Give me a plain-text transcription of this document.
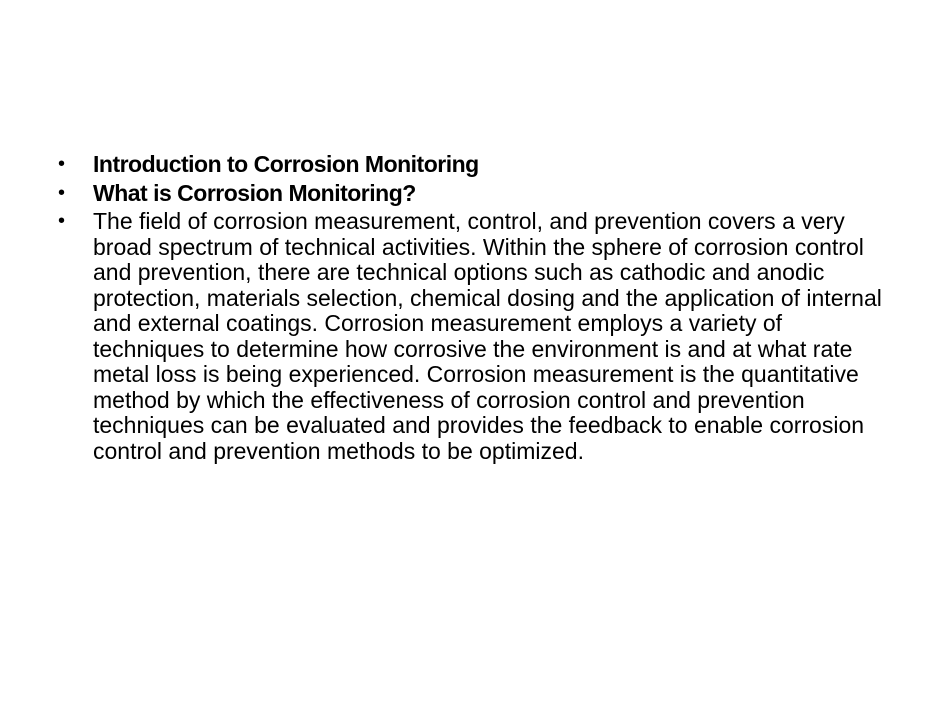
• Introduction to Corrosion Monitoring
• What is Corrosion Monitoring?
• The field of corrosion measurement, control, and prevention covers a very broad spectrum of technical activities. Within the sphere of corrosion control and prevention, there are technical options such as cathodic and anodic protection, materials selection, chemical dosing and the application of internal and external coatings. Corrosion measurement employs a variety of techniques to determine how corrosive the environment is and at what rate metal loss is being experienced. Corrosion measurement is the quantitative method by which the effectiveness of corrosion control and prevention techniques can be evaluated and provides the feedback to enable corrosion control and prevention methods to be optimized.
